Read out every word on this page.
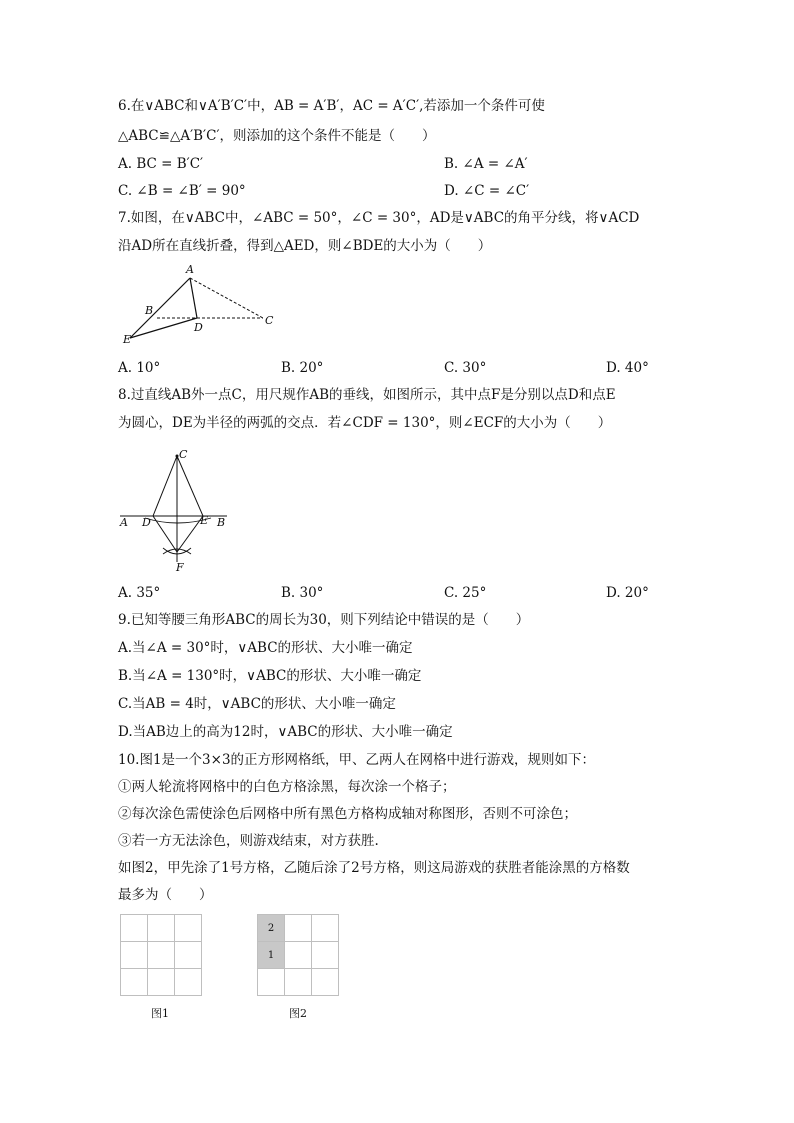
6.在∨ABC和∨A′B′C′中，AB = A′B′，AC = A′C′,若添加一个条件可使
△ABC≌△A′B′C′，则添加的这个条件不能是（　　）
A. BC = B′C′	B. ∠A = ∠A′
C. ∠B = ∠B′ = 90°	D. ∠C = ∠C′
7.如图，在∨ABC中，∠ABC = 50°，∠C = 30°，AD是∨ABC的角平分线，将∨ACD
沿AD所在直线折叠，得到△AED，则∠BDE的大小为（　　）
A
B
C
D
E
A. 10°	B. 20°	C. 30°	D. 40°
8.过直线AB外一点C，用尺规作AB的垂线，如图所示，其中点F是分别以点D和点E
为圆心，DE为半径的两弧的交点．若∠CDF = 130°，则∠ECF的大小为（　　）
C
A D	E B
F
A. 35°	B. 30°	C. 25°	D. 20°
9.已知等腰三角形ABC的周长为30，则下列结论中错误的是（　　）
A.当∠A = 30°时，∨ABC的形状、大小唯一确定
B.当∠A = 130°时，∨ABC的形状、大小唯一确定
C.当AB = 4时，∨ABC的形状、大小唯一确定
D.当AB边上的高为12时，∨ABC的形状、大小唯一确定
10.图1是一个3×3的正方形网格纸，甲、乙两人在网格中进行游戏，规则如下：
①两人轮流将网格中的白色方格涂黑，每次涂一个格子；
②每次涂色需使涂色后网格中所有黑色方格构成轴对称图形，否则不可涂色；
③若一方无法涂色，则游戏结束，对方获胜.
如图2，甲先涂了1号方格，乙随后涂了2号方格，则这局游戏的获胜者能涂黑的方格数
最多为（　　）

图1
2		
1		

图2
